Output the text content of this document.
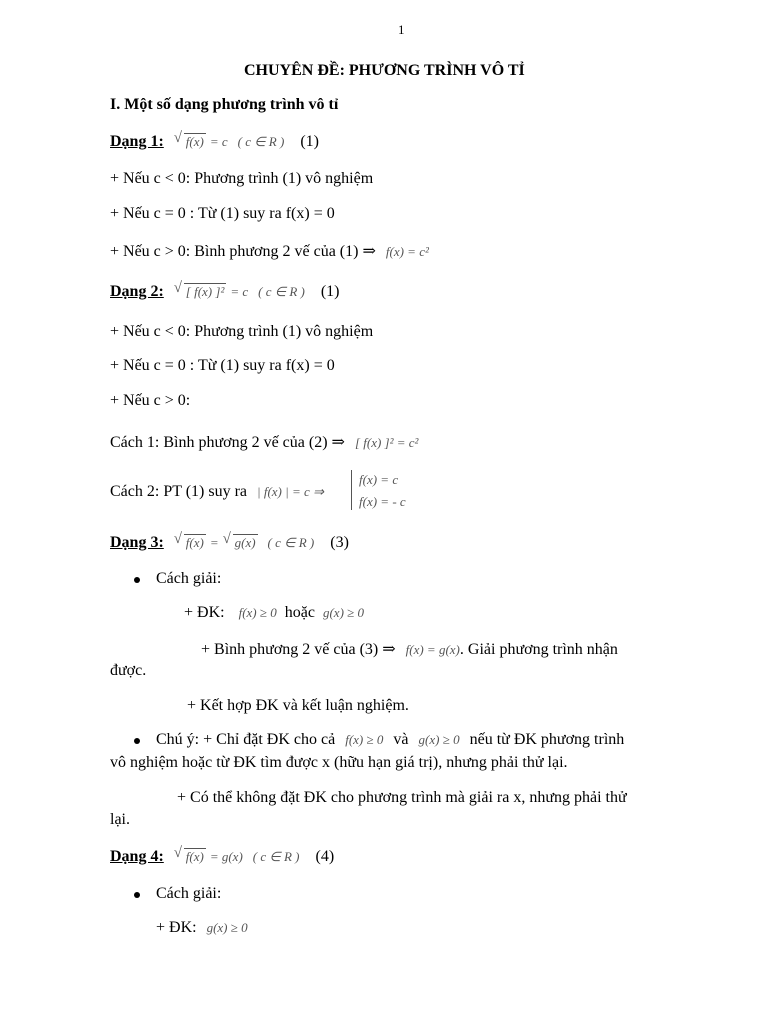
1
CHUYÊN ĐỀ: PHƯƠNG TRÌNH VÔ TỈ
I. Một số dạng phương trình vô tỉ
Dạng 1: √ f(x) = c ( c ∈ R ) (1)
+ Nếu c < 0: Phương trình (1) vô nghiệm
+ Nếu c = 0 : Từ (1) suy ra f(x) = 0
+ Nếu c > 0: Bình phương 2 vế của (1) ⇒ f(x) = c²
Dạng 2: √ [ f(x) ]² = c ( c ∈ R ) (1)
+ Nếu c < 0: Phương trình (1) vô nghiệm
+ Nếu c = 0 : Từ (1) suy ra f(x) = 0
+ Nếu c > 0:
Cách 1: Bình phương 2 vế của (2) ⇒ [ f(x) ]² = c²
Cách 2: PT (1) suy ra | f(x) | = c ⇒
f(x) = c
f(x) = - c
Dạng 3: √ f(x) = √ g(x) ( c ∈ R ) (3)
Cách giải:
+ ĐK: f(x) ≥ 0 hoặc g(x) ≥ 0
+ Bình phương 2 vế của (3) ⇒ f(x) = g(x). Giải phương trình nhận
được.
+ Kết hợp ĐK và kết luận nghiệm.
Chú ý: + Chỉ đặt ĐK cho cả f(x) ≥ 0 và g(x) ≥ 0 nếu từ ĐK phương trình
vô nghiệm hoặc từ ĐK tìm được x (hữu hạn giá trị), nhưng phải thử lại.
+ Có thể không đặt ĐK cho phương trình mà giải ra x, nhưng phải thử
lại.
Dạng 4: √ f(x) = g(x) ( c ∈ R ) (4)
Cách giải:
+ ĐK: g(x) ≥ 0
